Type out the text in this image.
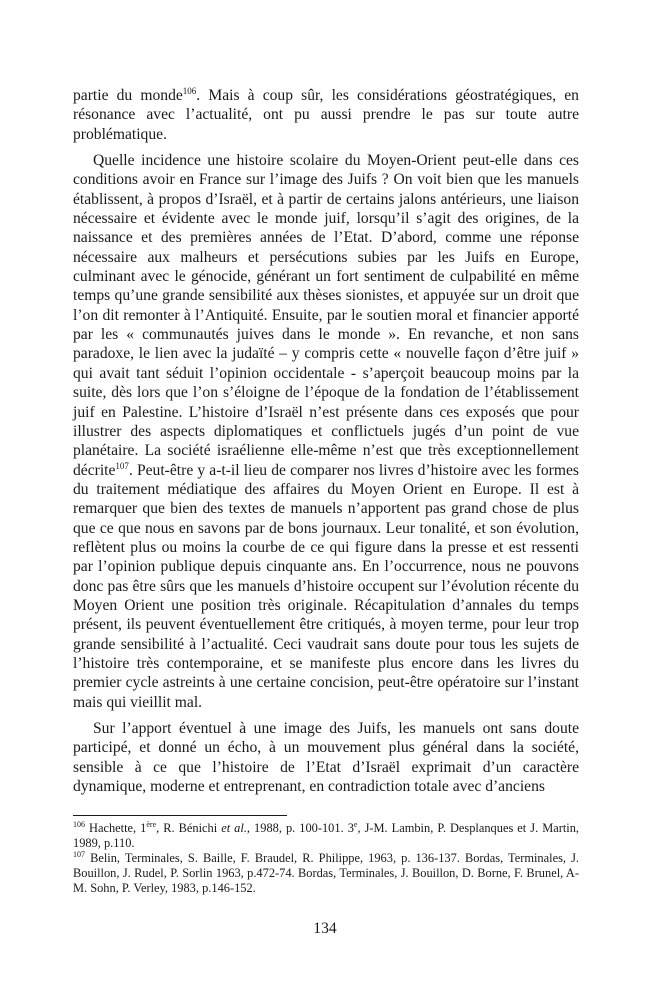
partie du monde$^{106}$. Mais à coup sûr, les considérations géostratégiques, en résonance avec l’actualité, ont pu aussi prendre le pas sur toute autre problématique.

Quelle incidence une histoire scolaire du Moyen-Orient peut-elle dans ces conditions avoir en France sur l’image des Juifs ? On voit bien que les manuels établissent, à propos d’Israël, et à partir de certains jalons antérieurs, une liaison nécessaire et évidente avec le monde juif, lorsqu’il s’agit des origines, de la naissance et des premières années de l’Etat. D’abord, comme une réponse nécessaire aux malheurs et persécutions subies par les Juifs en Europe, culminant avec le génocide, générant un fort sentiment de culpabilité en même temps qu’une grande sensibilité aux thèses sionistes, et appuyée sur un droit que l’on dit remonter à l’Antiquité. Ensuite, par le soutien moral et financier apporté par les « communautés juives dans le monde ». En revanche, et non sans paradoxe, le lien avec la judaïté – y compris cette « nouvelle façon d’être juif » qui avait tant séduit l’opinion occidentale - s’aperçoit beaucoup moins par la suite, dès lors que l’on s’éloigne de l’époque de la fondation de l’établissement juif en Palestine. L’histoire d’Israël n’est présente dans ces exposés que pour illustrer des aspects diplomatiques et conflictuels jugés d’un point de vue planétaire. La société israélienne elle-même n’est que très exceptionnellement décrite$^{107}$. Peut-être y a-t-il lieu de comparer nos livres d’histoire avec les formes du traitement médiatique des affaires du Moyen Orient en Europe. Il est à remarquer que bien des textes de manuels n’apportent pas grand chose de plus que ce que nous en savons par de bons journaux. Leur tonalité, et son évolution, reflètent plus ou moins la courbe de ce qui figure dans la presse et est ressenti par l’opinion publique depuis cinquante ans. En l’occurrence, nous ne pouvons donc pas être sûrs que les manuels d’histoire occupent sur l’évolution récente du Moyen Orient une position très originale. Récapitulation d’annales du temps présent, ils peuvent éventuellement être critiqués, à moyen terme, pour leur trop grande sensibilité à l’actualité. Ceci vaudrait sans doute pour tous les sujets de l’histoire très contemporaine, et se manifeste plus encore dans les livres du premier cycle astreints à une certaine concision, peut-être opératoire sur l’instant mais qui vieillit mal.

Sur l’apport éventuel à une image des Juifs, les manuels ont sans doute participé, et donné un écho, à un mouvement plus général dans la société, sensible à ce que l’histoire de l’Etat d’Israël exprimait d’un caractère dynamique, moderne et entreprenant, en contradiction totale avec d’anciens

$^{106}$ Hachette, 1ère, R. Bénichi et al., 1988, p. 100-101. 3e, J-M. Lambin, P. Desplanques et J. Martin, 1989, p.110.

$^{107}$ Belin, Terminales, S. Baille, F. Braudel, R. Philippe, 1963, p. 136-137. Bordas, Terminales, J. Bouillon, J. Rudel, P. Sorlin 1963, p.472-74. Bordas, Terminales, J. Bouillon, D. Borne, F. Brunel, A-M. Sohn, P. Verley, 1983, p.146-152.

134
